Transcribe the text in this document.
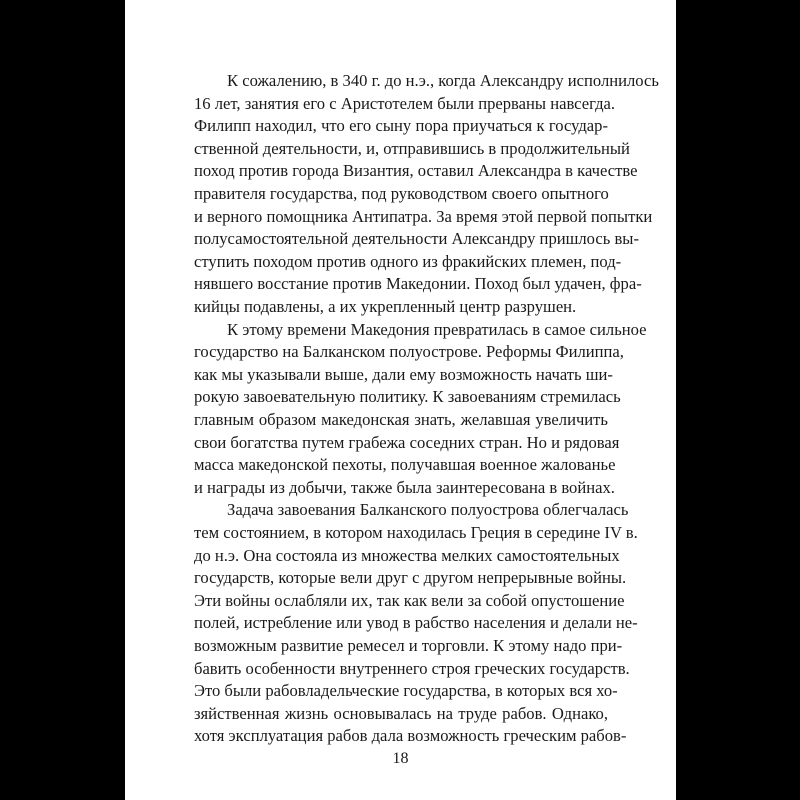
К сожалению, в 340 г. до н.э., когда Александру исполнилось
16 лет, занятия его с Аристотелем были прерваны навсегда.
Филипп находил, что его сыну пора приучаться к государ-
ственной деятельности, и, отправившись в продолжительный
поход против города Византия, оставил Александра в качестве
правителя государства, под руководством своего опытного
и верного помощника Антипатра. За время этой первой попытки
полусамостоятельной деятельности Александру пришлось вы-
ступить походом против одного из фракийских племен, под-
нявшего восстание против Македонии. Поход был удачен, фра-
кийцы подавлены, а их укрепленный центр разрушен.
К этому времени Македония превратилась в самое сильное
государство на Балканском полуострове. Реформы Филиппа,
как мы указывали выше, дали ему возможность начать ши-
рокую завоевательную политику. К завоеваниям стремилась
главным образом македонская знать, желавшая увеличить
свои богатства путем грабежа соседних стран. Но и рядовая
масса македонской пехоты, получавшая военное жалованье
и награды из добычи, также была заинтересована в войнах.
Задача завоевания Балканского полуострова облегчалась
тем состоянием, в котором находилась Греция в середине IV в.
до н.э. Она состояла из множества мелких самостоятельных
государств, которые вели друг с другом непрерывные войны.
Эти войны ослабляли их, так как вели за собой опустошение
полей, истребление или увод в рабство населения и делали не-
возможным развитие ремесел и торговли. К этому надо при-
бавить особенности внутреннего строя греческих государств.
Это были рабовладельческие государства, в которых вся хо-
зяйственная жизнь основывалась на труде рабов. Однако,
хотя эксплуатация рабов дала возможность греческим рабов-
18
